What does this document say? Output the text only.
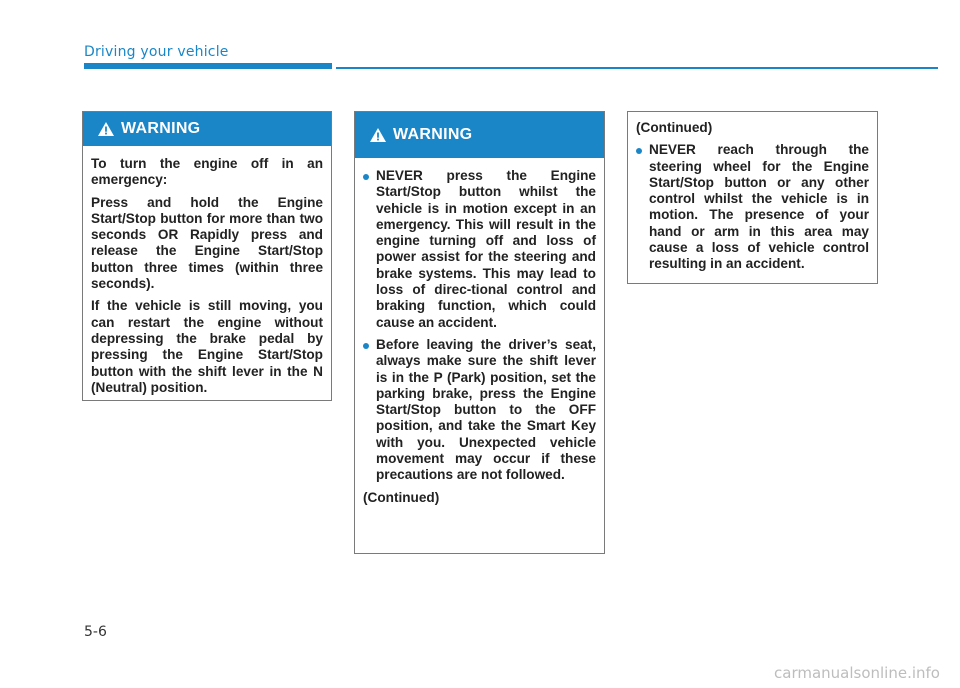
Driving your vehicle
WARNING

To turn the engine off in an emergency:

Press and hold the Engine Start/Stop button for more than two seconds OR Rapidly press and release the Engine Start/Stop button three times (within three seconds).

If the vehicle is still moving, you can restart the engine without depressing the brake pedal by pressing the Engine Start/Stop button with the shift lever in the N (Neutral) position.

WARNING
NEVER press the Engine Start/Stop button whilst the vehicle is in motion except in an emergency. This will result in the engine turning off and loss of power assist for the steering and brake systems. This may lead to loss of direc-tional control and braking function, which could cause an accident.
Before leaving the driver’s seat, always make sure the shift lever is in the P (Park) position, set the parking brake, press the Engine Start/Stop button to the OFF position, and take the Smart Key with you. Unexpected vehicle movement may occur if these precautions are not followed.

(Continued)

(Continued)

NEVER reach through the steering wheel for the Engine Start/Stop button or any other control whilst the vehicle is in motion. The presence of your hand or arm in this area may cause a loss of vehicle control resulting in an accident.
5-6
carmanualsonline.info
